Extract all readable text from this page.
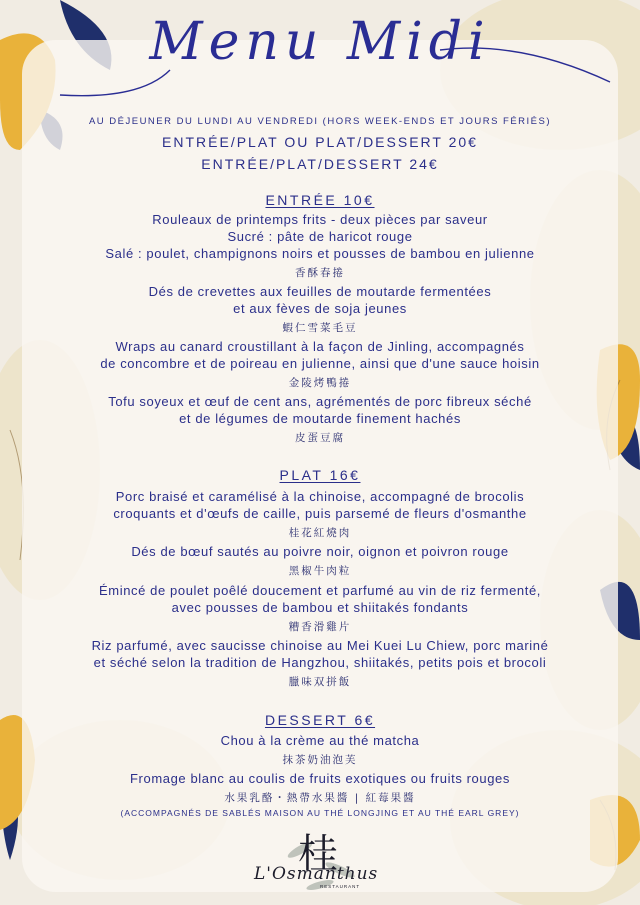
Menu Midi
AU DÉJEUNER DU LUNDI AU VENDREDI (HORS WEEK-ENDS ET JOURS FÉRIÉS)
ENTRÉE/PLAT OU PLAT/DESSERT 20€
ENTRÉE/PLAT/DESSERT 24€
ENTRÉE 10€
Rouleaux de printemps frits - deux pièces par saveur
Sucré : pâte de haricot rouge
Salé : poulet, champignons noirs et pousses de bambou en julienne
香酥春捲
Dés de crevettes aux feuilles de moutarde fermentées
et aux fèves de soja jeunes
蝦仁雪菜毛豆
Wraps au canard croustillant à la façon de Jinling, accompagnés
de concombre et de poireau en julienne, ainsi que d'une sauce hoisin
金陵烤鴨捲
Tofu soyeux et œuf de cent ans, agrémentés de porc fibreux séché
et de légumes de moutarde finement hachés
皮蛋豆腐
PLAT 16€
Porc braisé et caramélisé à la chinoise, accompagné de brocolis
croquants et d'œufs de caille, puis parsemé de fleurs d'osmanthe
桂花紅燒肉
Dés de bœuf sautés au poivre noir, oignon et poivron rouge
黑椒牛肉粒
Émincé de poulet poêlé doucement et parfumé au vin de riz fermenté,
avec pousses de bambou et shiitakés fondants
糟香滑雞片
Riz parfumé, avec saucisse chinoise au Mei Kuei Lu Chiew, porc mariné
et séché selon la tradition de Hangzhou, shiitakés, petits pois et brocoli
臘味双拼飯
DESSERT 6€
Chou à la crème au thé matcha
抹茶奶油泡芙
Fromage blanc au coulis de fruits exotiques ou fruits rouges
水果乳酪・熱帶水果醬 | 紅莓果醬
(ACCOMPAGNÉS DE SABLÉS MAISON AU THÉ LONGJING ET AU THÉ EARL GREY)
桂
L'Osmanthus
RESTAURANT
